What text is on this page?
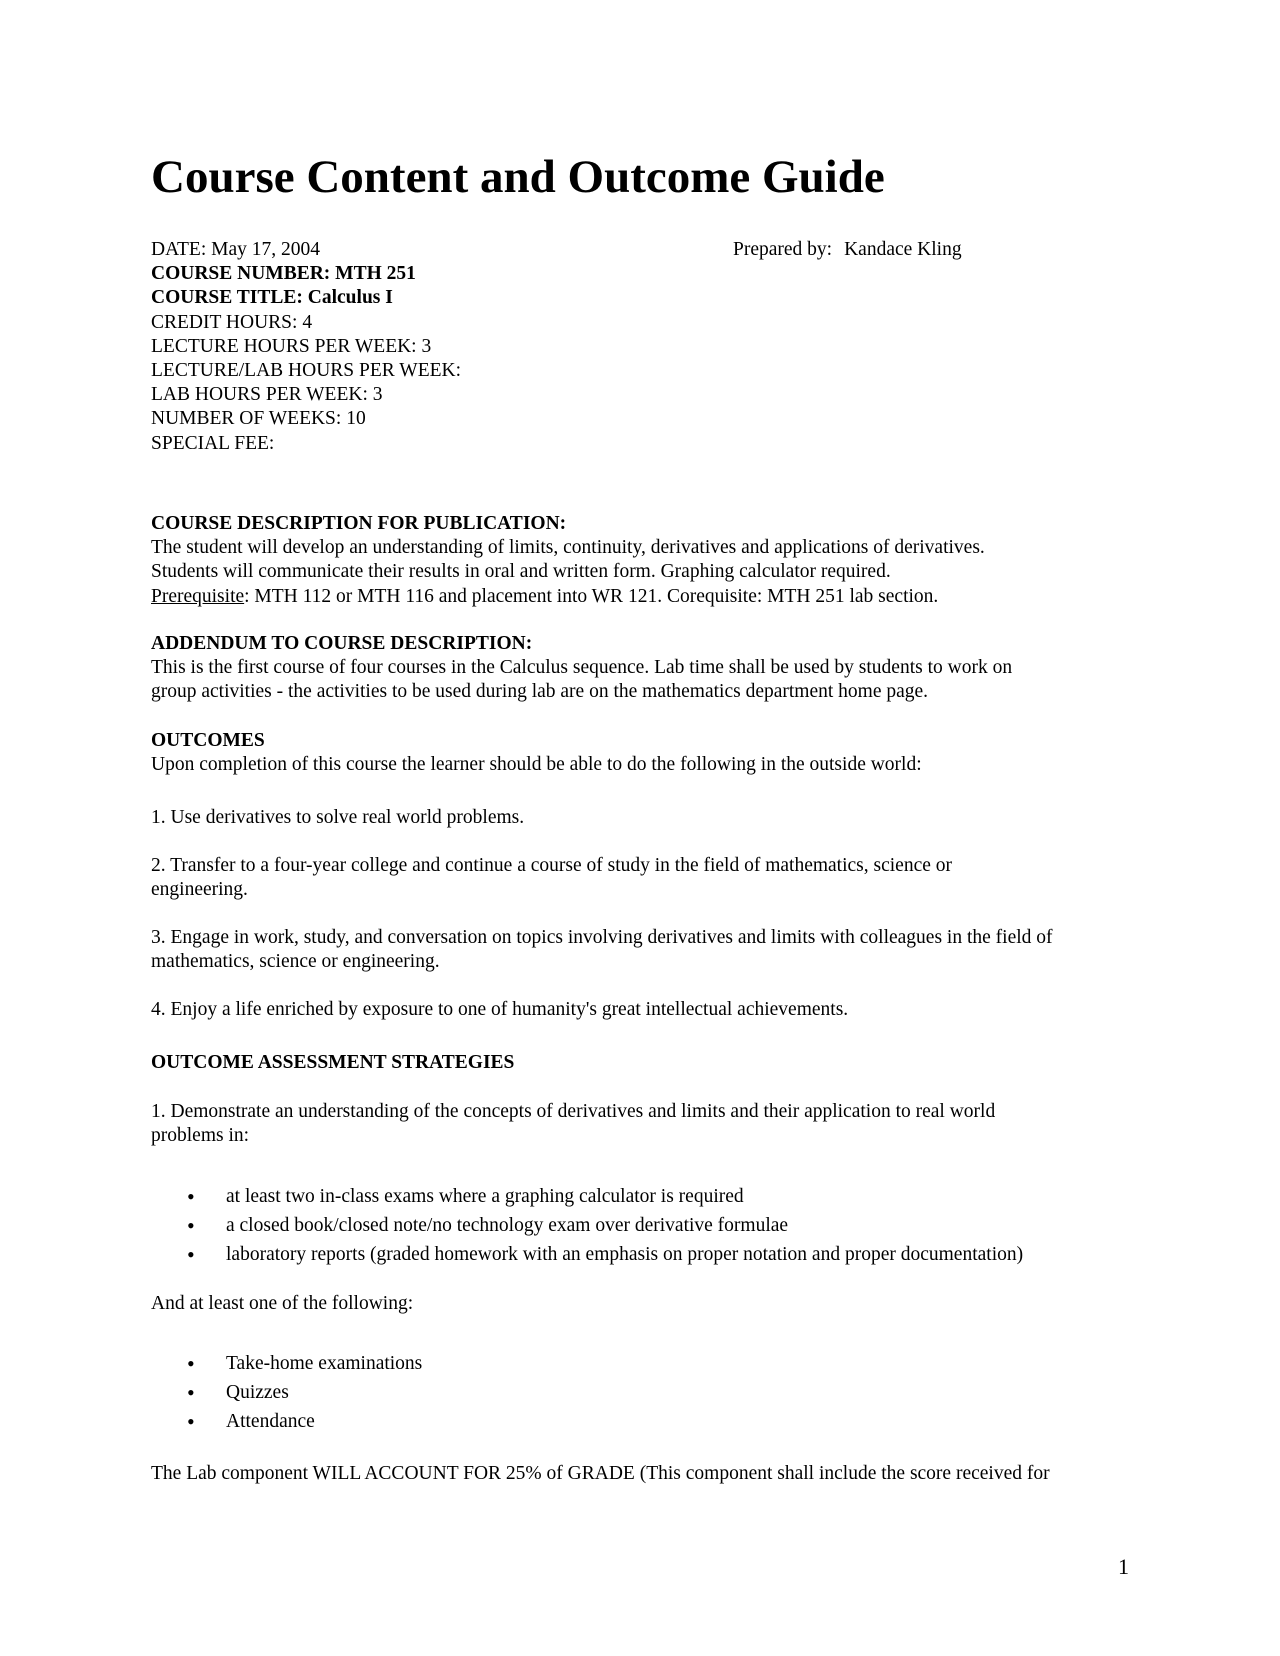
Course Content and Outcome Guide
DATE: May 17, 2004
COURSE NUMBER: MTH 251
COURSE TITLE: Calculus I
CREDIT HOURS: 4
LECTURE HOURS PER WEEK: 3
LECTURE/LAB HOURS PER WEEK:
LAB HOURS PER WEEK: 3
NUMBER OF WEEKS: 10
SPECIAL FEE:
Prepared by: Kandace Kling
COURSE DESCRIPTION FOR PUBLICATION:
The student will develop an understanding of limits, continuity, derivatives and applications of derivatives.
Students will communicate their results in oral and written form. Graphing calculator required.
Prerequisite: MTH 112 or MTH 116 and placement into WR 121. Corequisite: MTH 251 lab section.
ADDENDUM TO COURSE DESCRIPTION:
This is the first course of four courses in the Calculus sequence. Lab time shall be used by students to work on
group activities - the activities to be used during lab are on the mathematics department home page.
OUTCOMES
Upon completion of this course the learner should be able to do the following in the outside world:
1. Use derivatives to solve real world problems.
2. Transfer to a four-year college and continue a course of study in the field of mathematics, science or
engineering.
3. Engage in work, study, and conversation on topics involving derivatives and limits with colleagues in the field of
mathematics, science or engineering.
4. Enjoy a life enriched by exposure to one of humanity's great intellectual achievements.
OUTCOME ASSESSMENT STRATEGIES
1. Demonstrate an understanding of the concepts of derivatives and limits and their application to real world
problems in:
• at least two in-class exams where a graphing calculator is required
• a closed book/closed note/no technology exam over derivative formulae
• laboratory reports (graded homework with an emphasis on proper notation and proper documentation)
And at least one of the following:
• Take-home examinations
• Quizzes
• Attendance
The Lab component WILL ACCOUNT FOR 25% of GRADE (This component shall include the score received for
1
